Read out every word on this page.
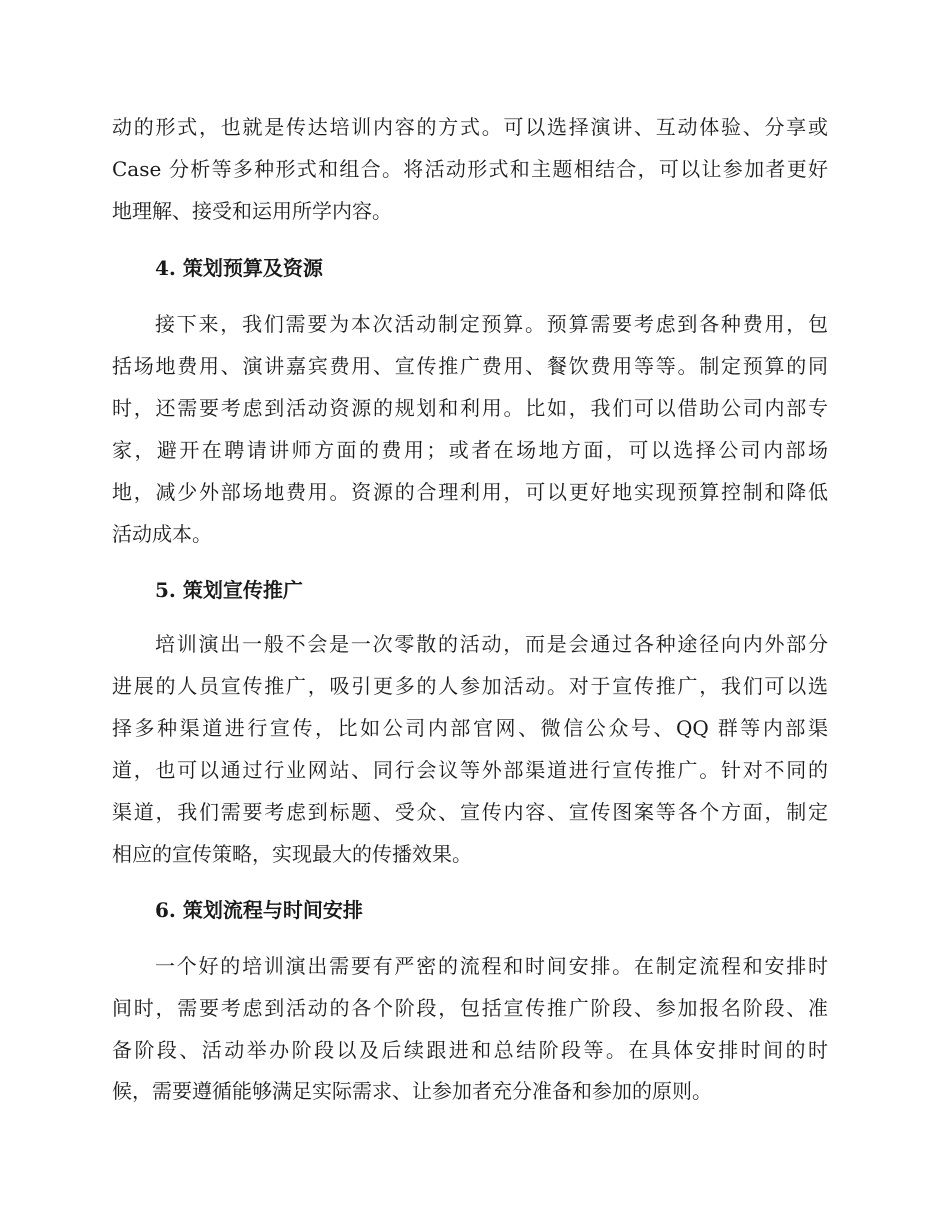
动的形式，也就是传达培训内容的方式。可以选择演讲、互动体验、分享或
Case 分析等多种形式和组合。将活动形式和主题相结合，可以让参加者更好
地理解、接受和运用所学内容。
4. 策划预算及资源
接下来，我们需要为本次活动制定预算。预算需要考虑到各种费用，包
括场地费用、演讲嘉宾费用、宣传推广费用、餐饮费用等等。制定预算的同
时，还需要考虑到活动资源的规划和利用。比如，我们可以借助公司内部专
家，避开在聘请讲师方面的费用；或者在场地方面，可以选择公司内部场
地，减少外部场地费用。资源的合理利用，可以更好地实现预算控制和降低
活动成本。
5. 策划宣传推广
培训演出一般不会是一次零散的活动，而是会通过各种途径向内外部分
进展的人员宣传推广，吸引更多的人参加活动。对于宣传推广，我们可以选
择多种渠道进行宣传，比如公司内部官网、微信公众号、QQ 群等内部渠
道，也可以通过行业网站、同行会议等外部渠道进行宣传推广。针对不同的
渠道，我们需要考虑到标题、受众、宣传内容、宣传图案等各个方面，制定
相应的宣传策略，实现最大的传播效果。
6. 策划流程与时间安排
一个好的培训演出需要有严密的流程和时间安排。在制定流程和安排时
间时，需要考虑到活动的各个阶段，包括宣传推广阶段、参加报名阶段、准
备阶段、活动举办阶段以及后续跟进和总结阶段等。在具体安排时间的时
候，需要遵循能够满足实际需求、让参加者充分准备和参加的原则。
